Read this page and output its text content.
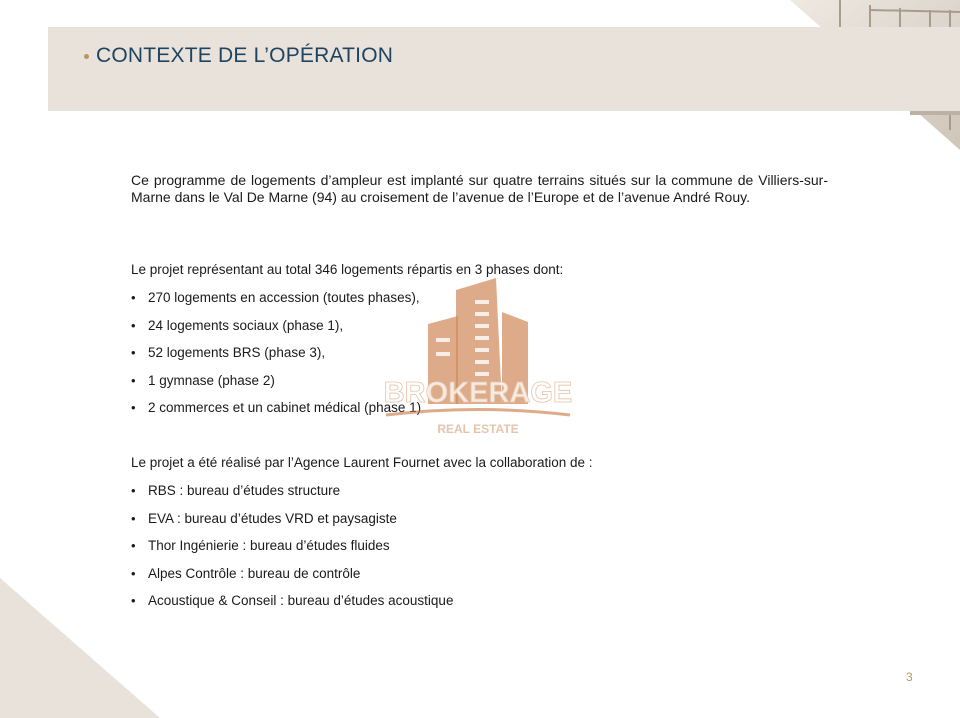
CONTEXTE DE L’OPÉRATION
Ce programme de logements d’ampleur est implanté sur quatre terrains situés sur la commune de Villiers-sur-Marne dans le Val De Marne (94) au croisement de l’avenue de l’Europe et de l’avenue André Rouy.
Le projet représentant au total 346 logements répartis en 3 phases dont:
• 270 logements en accession (toutes phases),
• 24 logements sociaux (phase 1),
• 52 logements BRS (phase 3),
• 1 gymnase (phase 2)
• 2 commerces et un cabinet médical (phase 1)
Le projet a été réalisé par l’Agence Laurent Fournet avec la collaboration de :
• RBS : bureau d’études structure
• EVA : bureau d’études VRD et paysagiste
• Thor Ingénierie : bureau d’études fluides
• Alpes Contrôle : bureau de contrôle
• Acoustique & Conseil : bureau d’études acoustique
BROKERAGE
REAL ESTATE
3
